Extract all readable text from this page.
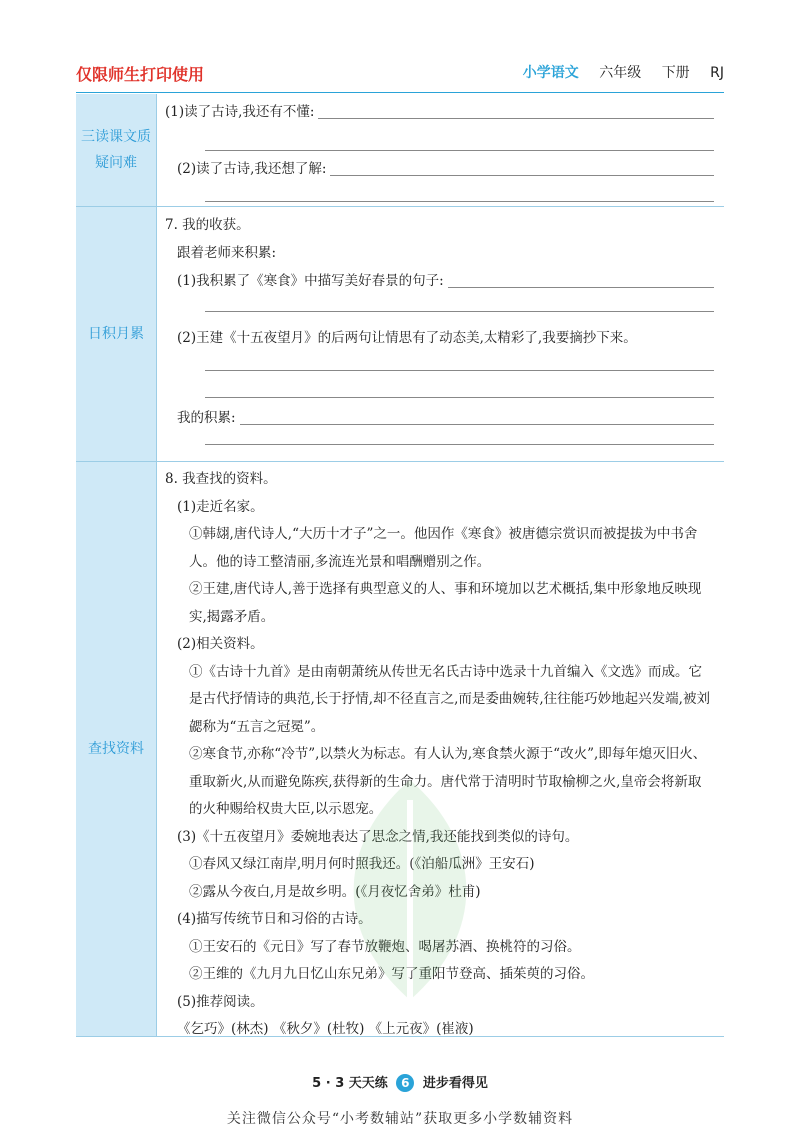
仅限师生打印使用	小学语文 六年级 下册 RJ
三读课文质疑问难
(1)读了古诗,我还有不懂:
(2)读了古诗,我还想了解:
日积月累
7. 我的收获。
跟着老师来积累:
(1)我积累了《寒食》中描写美好春景的句子:
(2)王建《十五夜望月》的后两句让情思有了动态美,太精彩了,我要摘抄下来。
我的积累:
查找资料
8. 我查找的资料。
(1)走近名家。
①韩翃,唐代诗人,“大历十才子”之一。他因作《寒食》被唐德宗赏识而被提拔为中书舍人。他的诗工整清丽,多流连光景和唱酬赠别之作。
②王建,唐代诗人,善于选择有典型意义的人、事和环境加以艺术概括,集中形象地反映现实,揭露矛盾。
(2)相关资料。
①《古诗十九首》是由南朝萧统从传世无名氏古诗中选录十九首编入《文选》而成。它是古代抒情诗的典范,长于抒情,却不径直言之,而是委曲婉转,往往能巧妙地起兴发端,被刘勰称为“五言之冠冕”。
②寒食节,亦称“冷节”,以禁火为标志。有人认为,寒食禁火源于“改火”,即每年熄灭旧火、重取新火,从而避免陈疾,获得新的生命力。唐代常于清明时节取榆柳之火,皇帝会将新取的火种赐给权贵大臣,以示恩宠。
(3)《十五夜望月》委婉地表达了思念之情,我还能找到类似的诗句。
①春风又绿江南岸,明月何时照我还。(《泊船瓜洲》王安石)
②露从今夜白,月是故乡明。(《月夜忆舍弟》杜甫)
(4)描写传统节日和习俗的古诗。
①王安石的《元日》写了春节放鞭炮、喝屠苏酒、换桃符的习俗。
②王维的《九月九日忆山东兄弟》写了重阳节登高、插茱萸的习俗。
(5)推荐阅读。
《乞巧》(林杰) 《秋夕》(杜牧) 《上元夜》(崔液)
5 · 3 天天练 6 进步看得见
关注微信公众号“小考数辅站”获取更多小学数辅资料
